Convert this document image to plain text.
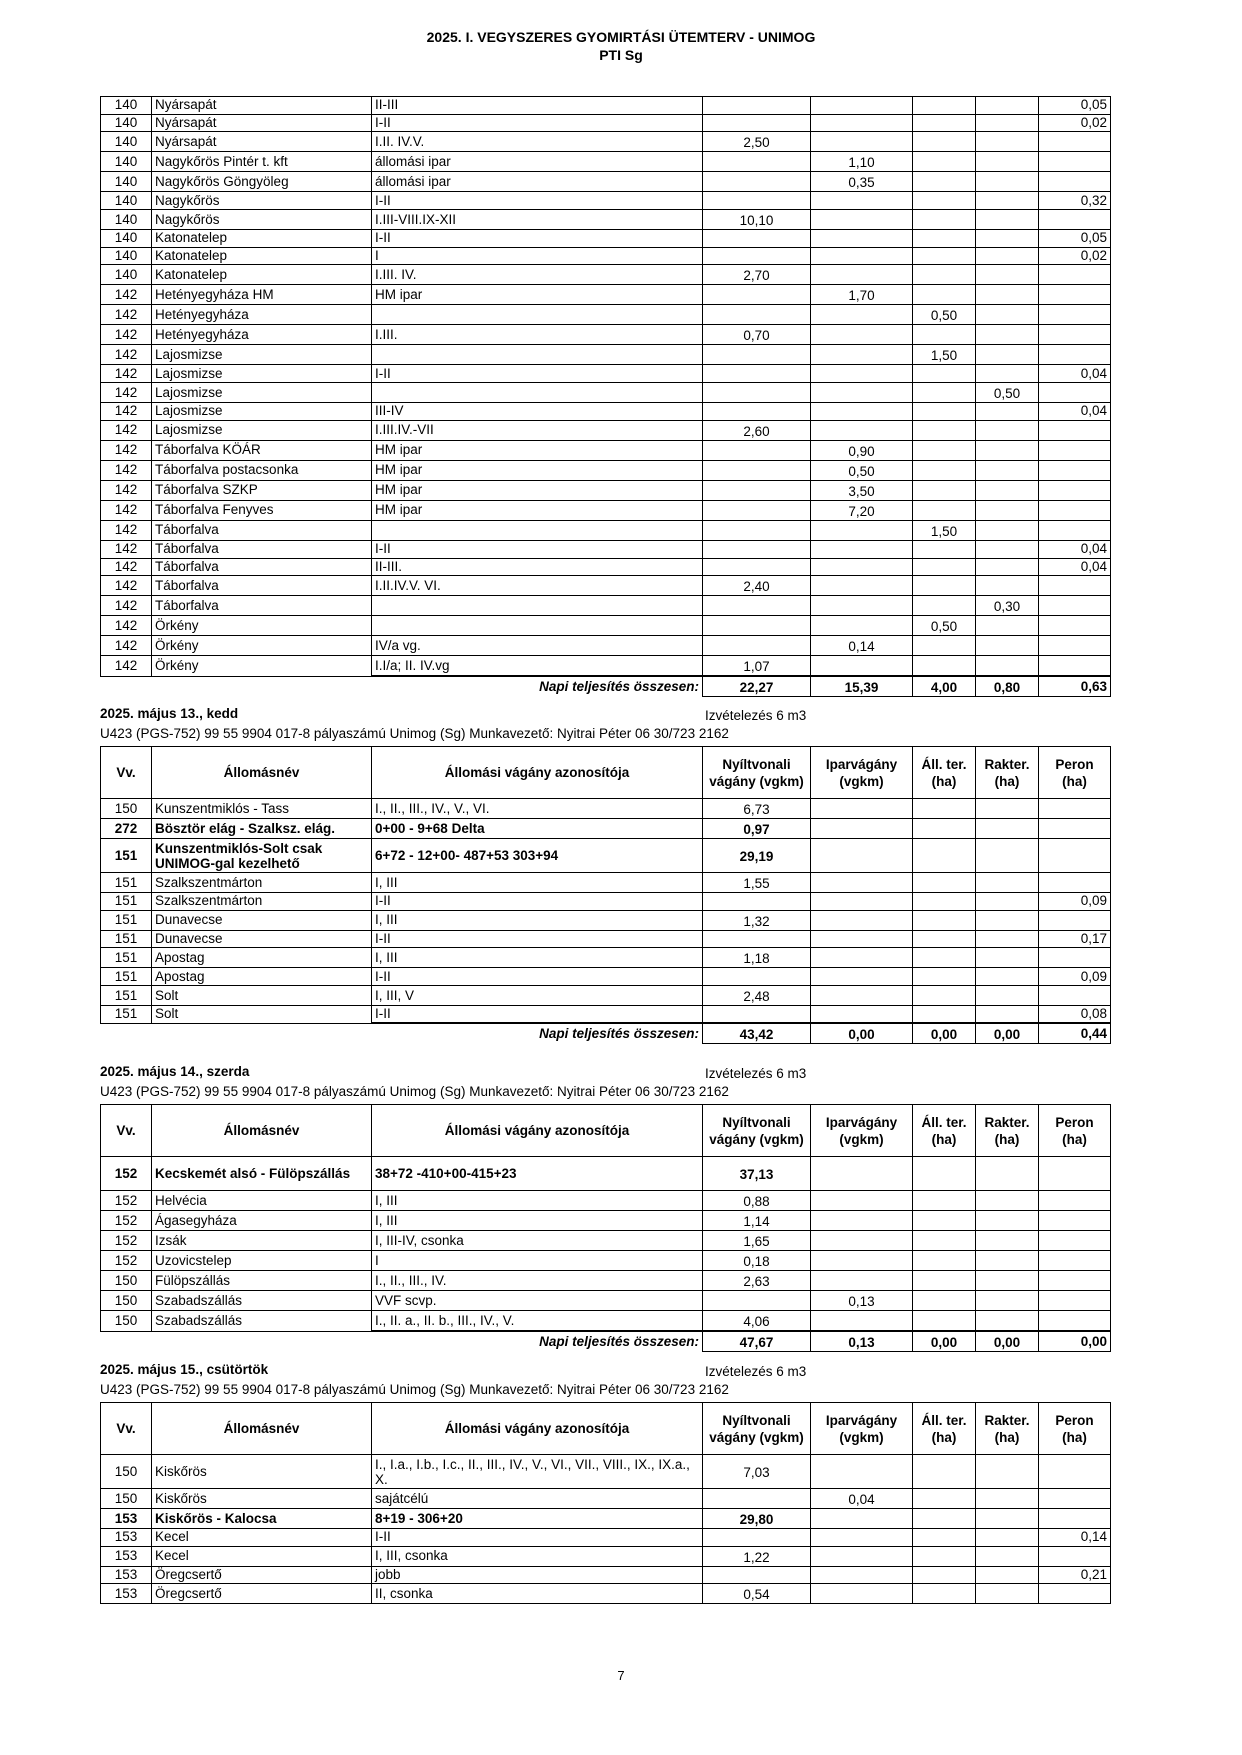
2025. I. VEGYSZERES GYOMIRTÁSI ÜTEMTERV - UNIMOG
PTI Sg
140	Nyársapát	II-III					0,05
140	Nyársapát	I-II					0,02
140	Nyársapát	I.II. IV.V.	2,50				
140	Nagykőrös Pintér t. kft	állomási ipar		1,10			
140	Nagykőrös Göngyöleg	állomási ipar		0,35			
140	Nagykőrös	I-II					0,32
140	Nagykőrös	I.III-VIII.IX-XII	10,10				
140	Katonatelep	I-II					0,05
140	Katonatelep	I					0,02
140	Katonatelep	I.III. IV.	2,70				
142	Hetényegyháza HM	HM ipar		1,70			
142	Hetényegyháza				0,50		
142	Hetényegyháza	I.III.	0,70				
142	Lajosmizse				1,50		
142	Lajosmizse	I-II					0,04
142	Lajosmizse					0,50	
142	Lajosmizse	III-IV					0,04
142	Lajosmizse	I.III.IV.-VII	2,60				
142	Táborfalva KÖÁR	HM ipar		0,90			
142	Táborfalva postacsonka	HM ipar		0,50			
142	Táborfalva SZKP	HM ipar		3,50			
142	Táborfalva Fenyves	HM ipar		7,20			
142	Táborfalva				1,50		
142	Táborfalva	I-II					0,04
142	Táborfalva	II-III.					0,04
142	Táborfalva	I.II.IV.V. VI.	2,40				
142	Táborfalva					0,30	
142	Örkény				0,50		
142	Örkény	IV/a vg.		0,14			
142	Örkény	I.I/a; II. IV.vg	1,07				
		Napi teljesítés összesen:	22,27	15,39	4,00	0,80	0,63
2025. május 13., kedd	Izvételezés 6 m3
U423 (PGS-752) 99 55 9904 017-8 pályaszámú Unimog (Sg) Munkavezető: Nyitrai Péter 06 30/723 2162
Vv.	Állomásnév	Állomási vágány azonosítója	Nyíltvonali vágány (vgkm)	Iparvágány (vgkm)	Áll. ter. (ha)	Rakter. (ha)	Peron (ha)
150	Kunszentmiklós - Tass	I., II., III., IV., V., VI.	6,73				
272	Bösztör elág - Szalksz. elág.	0+00 - 9+68 Delta	0,97				
151	Kunszentmiklós-Solt csak UNIMOG-gal kezelhető	6+72 - 12+00- 487+53 303+94	29,19				
151	Szalkszentmárton	I, III	1,55				
151	Szalkszentmárton	I-II					0,09
151	Dunavecse	I, III	1,32				
151	Dunavecse	I-II					0,17
151	Apostag	I, III	1,18				
151	Apostag	I-II					0,09
151	Solt	I, III, V	2,48				
151	Solt	I-II					0,08
		Napi teljesítés összesen:	43,42	0,00	0,00	0,00	0,44
2025. május 14., szerda	Izvételezés 6 m3
U423 (PGS-752) 99 55 9904 017-8 pályaszámú Unimog (Sg) Munkavezető: Nyitrai Péter 06 30/723 2162
Vv.	Állomásnév	Állomási vágány azonosítója	Nyíltvonali vágány (vgkm)	Iparvágány (vgkm)	Áll. ter. (ha)	Rakter. (ha)	Peron (ha)
152	Kecskemét alsó - Fülöpszállás	38+72 -410+00-415+23	37,13				
152	Helvécia	I, III	0,88				
152	Ágasegyháza	I, III	1,14				
152	Izsák	I, III-IV, csonka	1,65				
152	Uzovicstelep	I	0,18				
150	Fülöpszállás	I., II., III., IV.	2,63				
150	Szabadszállás	VVF scvp.		0,13			
150	Szabadszállás	I., II. a., II. b., III., IV., V.	4,06				
		Napi teljesítés összesen:	47,67	0,13	0,00	0,00	0,00
2025. május 15., csütörtök	Izvételezés 6 m3
U423 (PGS-752) 99 55 9904 017-8 pályaszámú Unimog (Sg) Munkavezető: Nyitrai Péter 06 30/723 2162
Vv.	Állomásnév	Állomási vágány azonosítója	Nyíltvonali vágány (vgkm)	Iparvágány (vgkm)	Áll. ter. (ha)	Rakter. (ha)	Peron (ha)
150	Kiskőrös	I., I.a., I.b., I.c., II., III., IV., V., VI., VII., VIII., IX., IX.a., X.	7,03				
150	Kiskőrös	sajátcélú		0,04			
153	Kiskőrös - Kalocsa	8+19 - 306+20	29,80				
153	Kecel	I-II					0,14
153	Kecel	I, III, csonka	1,22				
153	Öregcsertő	jobb					0,21
153	Öregcsertő	II, csonka	0,54				
7
